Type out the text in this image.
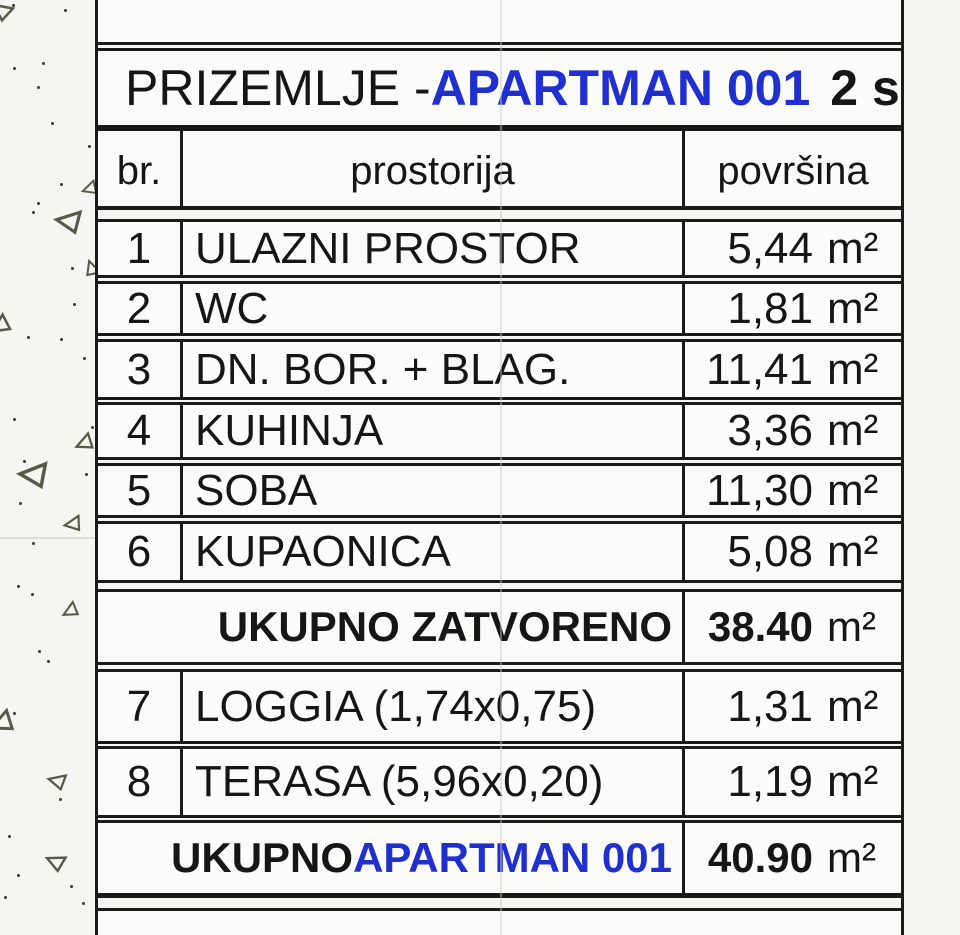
PRIZEMLJE - APARTMAN 001 2 s
br.	prostorija	površina
1 ULAZNI PROSTOR	5,44 m²
2 WC	1,81 m²
3 DN. BOR. + BLAG.	11,41 m²
4 KUHINJA	3,36 m²
5 SOBA	11,30 m²
6 KUPAONICA	5,08 m²
7 LOGGIA (1,74x0,75)	1,31 m²
8 TERASA (5,96x0,20)	1,19 m²
UKUPNO ZATVORENO 38.40 m²
UKUPNO APARTMAN 001 40.90 m²
